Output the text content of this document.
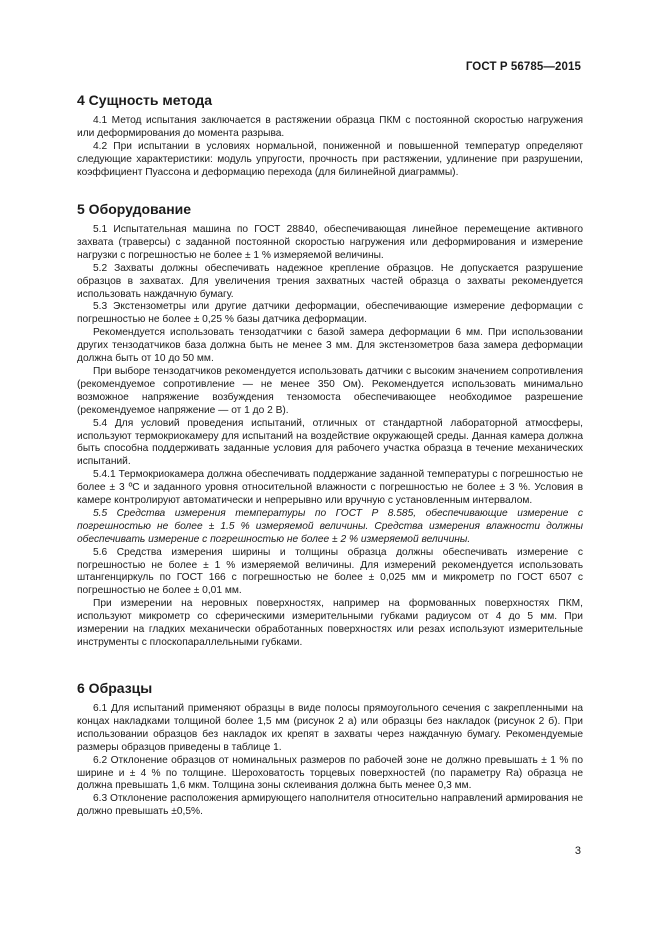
ГОСТ Р 56785—2015
4 Сущность метода

4.1 Метод испытания заключается в растяжении образца ПКМ с постоянной скоростью нагружения или деформирования до момента разрыва.

4.2 При испытании в условиях нормальной, пониженной и повышенной температур определяют следующие характеристики: модуль упругости, прочность при растяжении, удлинение при разрушении, коэффициент Пуассона и деформацию перехода (для билинейной диаграммы).

5 Оборудование

5.1 Испытательная машина по ГОСТ 28840, обеспечивающая линейное перемещение активного захвата (траверсы) с заданной постоянной скоростью нагружения или деформирования и измерение нагрузки с погрешностью не более ± 1 % измеряемой величины.

5.2 Захваты должны обеспечивать надежное крепление образцов. Не допускается разрушение образцов в захватах. Для увеличения трения захватных частей образца о захваты рекомендуется использовать наждачную бумагу.

5.3 Экстензометры или другие датчики деформации, обеспечивающие измерение деформации с погрешностью не более ± 0,25 % базы датчика деформации.

Рекомендуется использовать тензодатчики с базой замера деформации 6 мм. При использовании других тензодатчиков база должна быть не менее 3 мм. Для экстензометров база замера деформации должна быть от 10 до 50 мм.

При выборе тензодатчиков рекомендуется использовать датчики с высоким значением сопротивления (рекомендуемое сопротивление — не менее 350 Ом). Рекомендуется использовать минимально возможное напряжение возбуждения тензомоста обеспечивающее необходимое разрешение (рекомендуемое напряжение — от 1 до 2 В).

5.4 Для условий проведения испытаний, отличных от стандартной лабораторной атмосферы, используют термокриокамеру для испытаний на воздействие окружающей среды. Данная камера должна быть способна поддерживать заданные условия для рабочего участка образца в течение механических испытаний.

5.4.1 Термокриокамера должна обеспечивать поддержание заданной температуры с погрешностью не более ± 3 ºС и заданного уровня относительной влажности с погрешностью не более ± 3 %. Условия в камере контролируют автоматически и непрерывно или вручную с установленным интервалом.

5.5 Средства измерения температуры по ГОСТ Р 8.585, обеспечивающие измерение с погрешностью не более ± 1.5 % измеряемой величины. Средства измерения влажности должны обеспечивать измерение с погрешностью не более ± 2 % измеряемой величины.

5.6 Средства измерения ширины и толщины образца должны обеспечивать измерение с погрешностью не более ± 1 % измеряемой величины. Для измерений рекомендуется использовать штангенциркуль по ГОСТ 166 с погрешностью не более ± 0,025 мм и микрометр по ГОСТ 6507 с погрешностью не более ± 0,01 мм.

При измерении на неровных поверхностях, например на формованных поверхностях ПКМ, используют микрометр со сферическими измерительными губками радиусом от 4 до 5 мм. При измерении на гладких механически обработанных поверхностях или резах используют измерительные инструменты с плоскопараллельными губками.

6 Образцы

6.1 Для испытаний применяют образцы в виде полосы прямоугольного сечения с закрепленными на концах накладками толщиной более 1,5 мм (рисунок 2 а) или образцы без накладок (рисунок 2 б). При использовании образцов без накладок их крепят в захваты через наждачную бумагу. Рекомендуемые размеры образцов приведены в таблице 1.

6.2 Отклонение образцов от номинальных размеров по рабочей зоне не должно превышать ± 1 % по ширине и ± 4 % по толщине. Шероховатость торцевых поверхностей (по параметру Ra) образца не должна превышать 1,6 мкм. Толщина зоны склеивания должна быть менее 0,3 мм.

6.3 Отклонение расположения армирующего наполнителя относительно направлений армирования не должно превышать ±0,5%.

3
